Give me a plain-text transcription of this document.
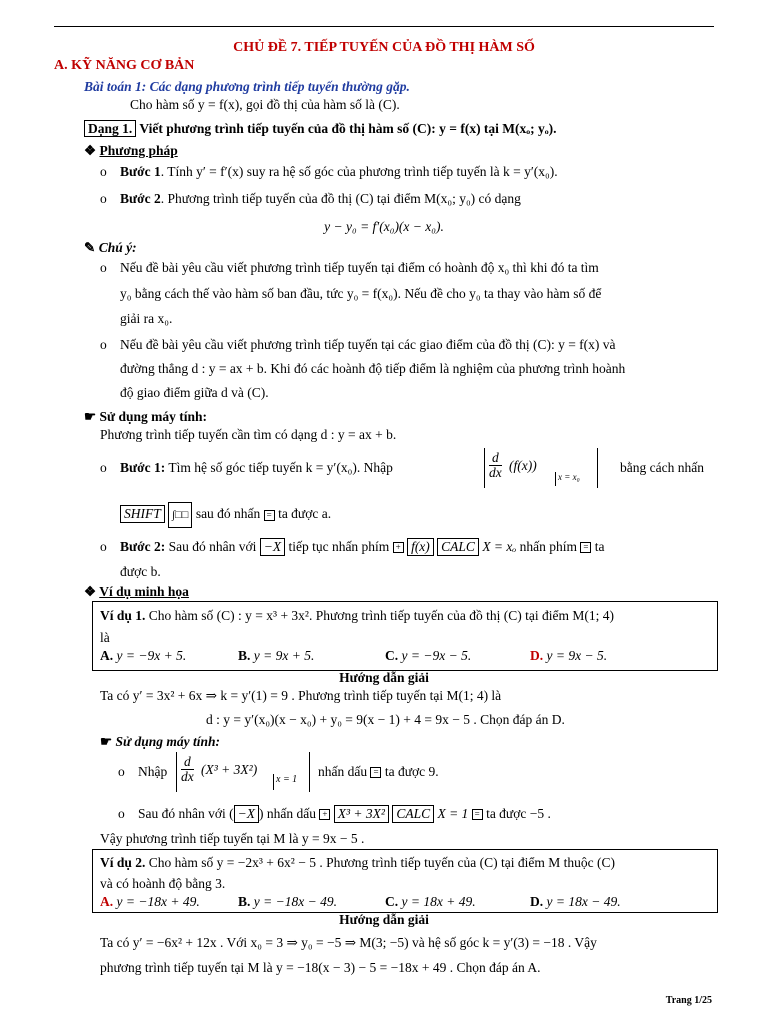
CHỦ ĐỀ 7. TIẾP TUYẾN CỦA ĐỒ THỊ HÀM SỐ
A. KỸ NĂNG CƠ BẢN
Bài toán 1: Các dạng phương trình tiếp tuyến thường gặp.
Cho hàm số y = f(x), gọi đồ thị của hàm số là (C).
Dạng 1. Viết phương trình tiếp tuyến của đồ thị hàm số (C): y = f(x) tại M(xₒ; yₒ).
❖ Phương pháp
o Bước 1. Tính y′ = f′(x) suy ra hệ số góc của phương trình tiếp tuyến là k = y′(x₀).
o Bước 2. Phương trình tiếp tuyến của đồ thị (C) tại điểm M(x₀; y₀) có dạng
y − y₀ = f′(x₀)(x − x₀).
✎ Chú ý:
o Nếu đề bài yêu cầu viết phương trình tiếp tuyến tại điểm có hoành độ x₀ thì khi đó ta tìm
y₀ bằng cách thế vào hàm số ban đầu, tức y₀ = f(x₀). Nếu đề cho y₀ ta thay vào hàm số để
giải ra x₀.
o Nếu đề bài yêu cầu viết phương trình tiếp tuyến tại các giao điểm của đồ thị (C): y = f(x) và
đường thẳng d : y = ax + b. Khi đó các hoành độ tiếp điểm là nghiệm của phương trình hoành
độ giao điểm giữa d và (C).
☛ Sử dụng máy tính:
Phương trình tiếp tuyến cần tìm có dạng d : y = ax + b.
o Bước 1: Tìm hệ số góc tiếp tuyến k = y′(x₀). Nhập	$\frac{d}{dx} (f(x))$
x = x₀
bằng cách nhấn
SHIFT ∫□□ sau đó nhấn = ta được a.
o Bước 2: Sau đó nhân với −X tiếp tục nhấn phím + f(x) CALC X = xₒ nhấn phím = ta
được b.
❖ Ví dụ minh họa
Ví dụ 1. Cho hàm số (C) : y = x³ + 3x². Phương trình tiếp tuyến của đồ thị (C) tại điểm M(1; 4)
là
A. y = −9x + 5.	B. y = 9x + 5.	C. y = −9x − 5.	D. y = 9x − 5.
Hướng dẫn giải
Ta có y′ = 3x² + 6x ⇒ k = y′(1) = 9 . Phương trình tiếp tuyến tại M(1; 4) là
d : y = y′(x₀)(x − x₀) + y₀ = 9(x − 1) + 4 = 9x − 5 . Chọn đáp án D.
☛ Sử dụng máy tính:
o Nhập $\frac{d}{dx} (X^3 + 3X^2)$
x = 1
nhấn dấu = ta được 9.
o Sau đó nhân với ( −X ) nhấn dấu + X³ + 3X² CALC X = 1 = ta được −5 .
Vậy phương trình tiếp tuyến tại M là y = 9x − 5 .
Ví dụ 2. Cho hàm số y = −2x³ + 6x² − 5 . Phương trình tiếp tuyến của (C) tại điểm M thuộc (C)
và có hoành độ bằng 3.
A. y = −18x + 49.	B. y = −18x − 49.	C. y = 18x + 49.	D. y = 18x − 49.
Hướng dẫn giải
Ta có y′ = −6x² + 12x . Với x₀ = 3 ⇒ y₀ = −5 ⇒ M(3; −5) và hệ số góc k = y′(3) = −18 . Vậy
phương trình tiếp tuyến tại M là y = −18(x − 3) − 5 = −18x + 49 . Chọn đáp án A.
Trang 1/25
